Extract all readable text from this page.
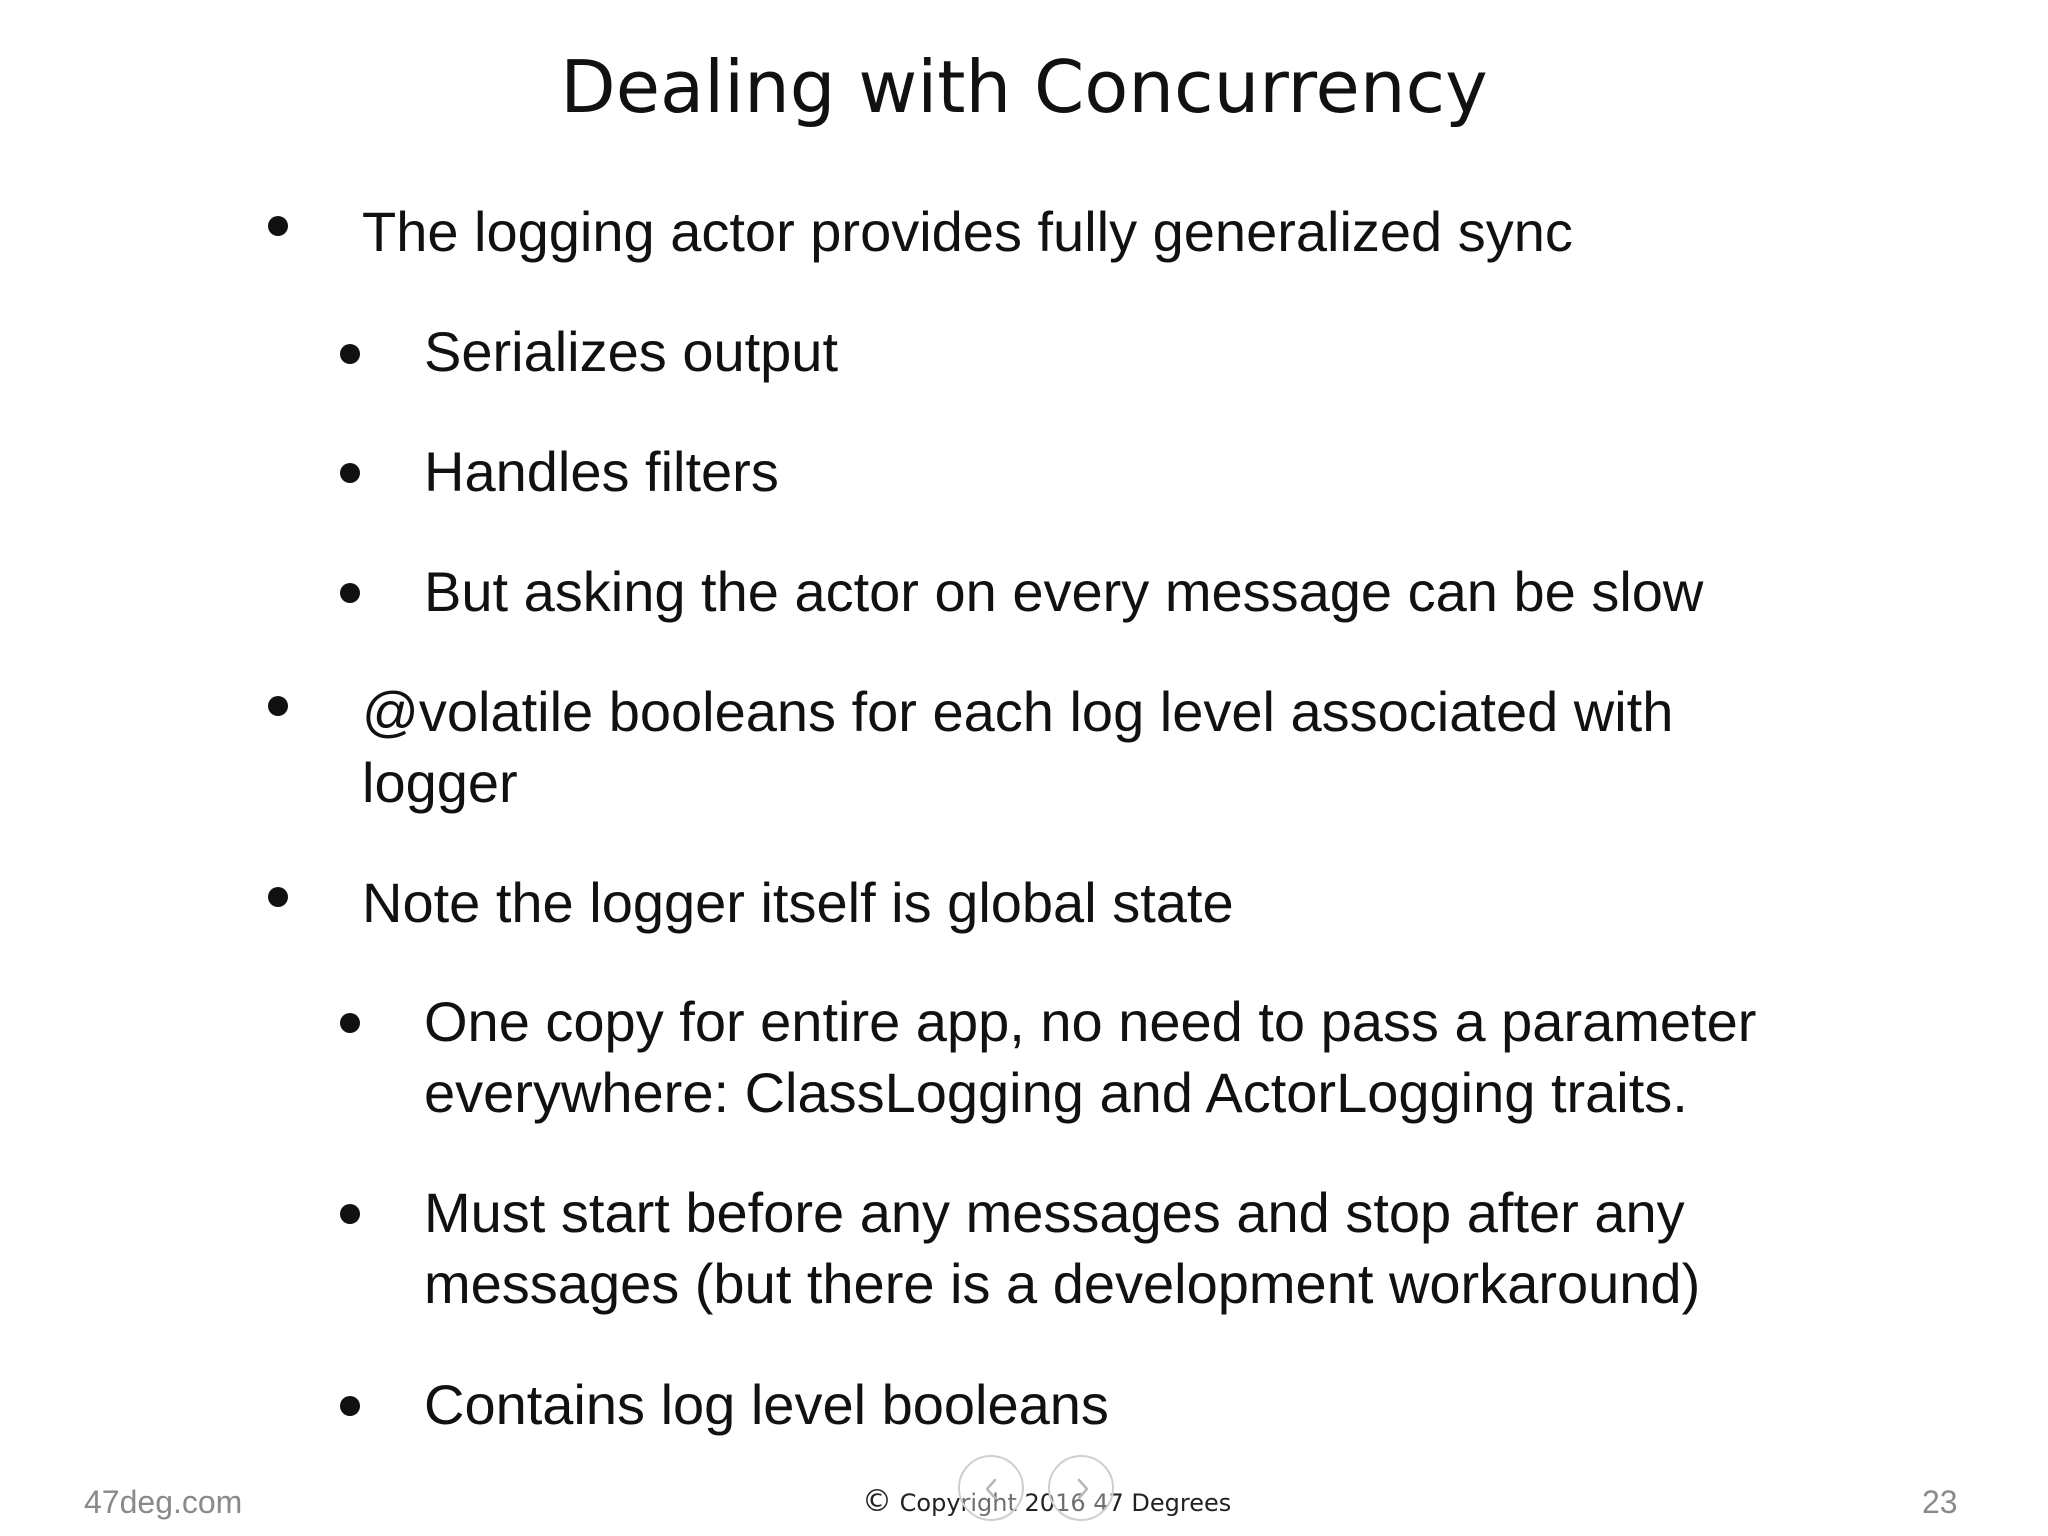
Dealing with Concurrency
The logging actor provides fully generalized sync
Serializes output
Handles filters
But asking the actor on every message can be slow
@volatile booleans for each log level associated with
logger
Note the logger itself is global state
One copy for entire app, no need to pass a parameter
everywhere: ClassLogging and ActorLogging traits.
Must start before any messages and stop after any
messages (but there is a development workaround)
Contains log level booleans
47deg.com	© Copyright 2016 47 Degrees	23
